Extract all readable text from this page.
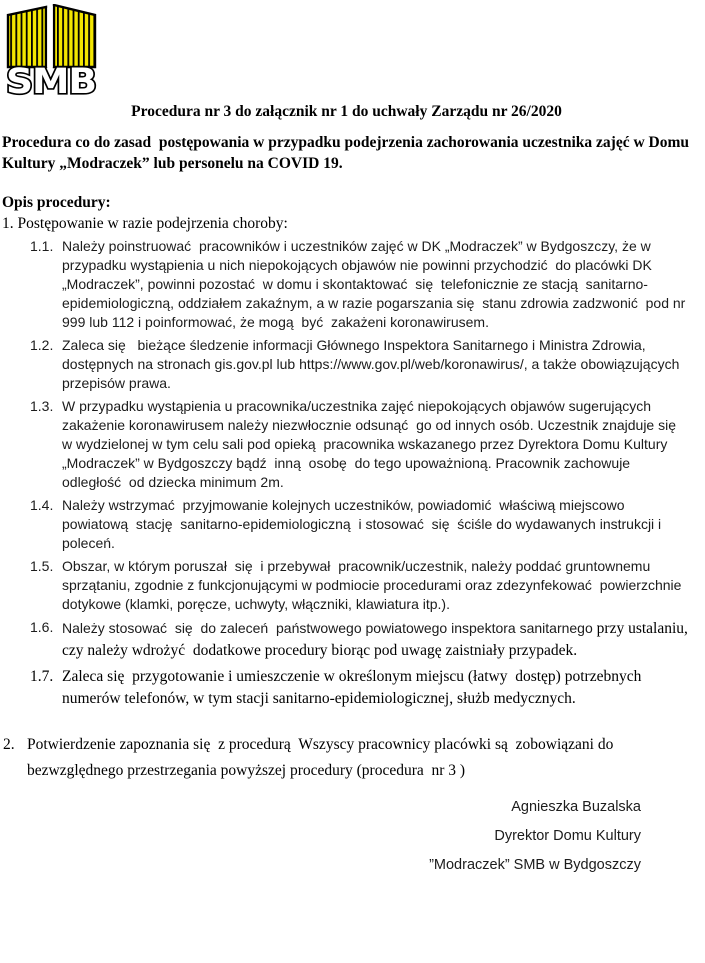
SMB
Procedura nr 3 do załącznik nr 1 do uchwały Zarządu nr 26/2020

Procedura co do zasad  postępowania w przypadku podejrzenia zachorowania uczestnika zajęć w Domu Kultury „Modraczek” lub personelu na COVID 19.

Opis procedury:

1. Postępowanie w razie podejrzenia choroby:

1.1. Należy poinstruować  pracowników i uczestników zajęć w DK „Modraczek” w Bydgoszczy, że w przypadku wystąpienia u nich niepokojących objawów nie powinni przychodzić  do placówki DK „Modraczek”, powinni pozostać  w domu i skontaktować  się  telefonicznie ze stacją  sanitarno- epidemiologiczną, oddziałem zakaźnym, a w razie pogarszania się  stanu zdrowia zadzwonić  pod nr 999 lub 112 i poinformować, że mogą  być  zakażeni koronawirusem.
1.2. Zaleca się   bieżące śledzenie informacji Głównego Inspektora Sanitarnego i Ministra Zdrowia, dostępnych na stronach gis.gov.pl lub https://www.gov.pl/web/koronawirus/, a także obowiązujących przepisów prawa.
1.3. W przypadku wystąpienia u pracownika/uczestnika zajęć niepokojących objawów sugerujących zakażenie koronawirusem należy niezwłocznie odsunąć  go od innych osób. Uczestnik znajduje się  w wydzielonej w tym celu sali pod opieką  pracownika wskazanego przez Dyrektora Domu Kultury „Modraczek” w Bydgoszczy bądź  inną  osobę  do tego upoważnioną. Pracownik zachowuje odległość  od dziecka minimum 2m.
1.4. Należy wstrzymać  przyjmowanie kolejnych uczestników, powiadomić  właściwą miejscowo powiatową  stację  sanitarno-epidemiologiczną  i stosować  się  ściśle do wydawanych instrukcji i poleceń.
1.5. Obszar, w którym poruszał  się  i przebywał  pracownik/uczestnik, należy poddać gruntownemu sprzątaniu, zgodnie z funkcjonującymi w podmiocie procedurami oraz zdezynfekować  powierzchnie dotykowe (klamki, poręcze, uchwyty, włączniki, klawiatura itp.).
1.6. Należy stosować  się  do zaleceń  państwowego powiatowego inspektora sanitarnego przy ustalaniu, czy należy wdrożyć  dodatkowe procedury biorąc pod uwagę zaistniały przypadek.
1.7. Zaleca się  przygotowanie i umieszczenie w określonym miejscu (łatwy  dostęp) potrzebnych numerów telefonów, w tym stacji sanitarno-epidemiologicznej, służb medycznych.
2. Potwierdzenie zapoznania się  z procedurą  Wszyscy pracownicy placówki są  zobowiązani do bezwzględnego przestrzegania powyższej procedury (procedura  nr 3 )
Agnieszka Buzalska
Dyrektor Domu Kultury
”Modraczek” SMB w Bydgoszczy
